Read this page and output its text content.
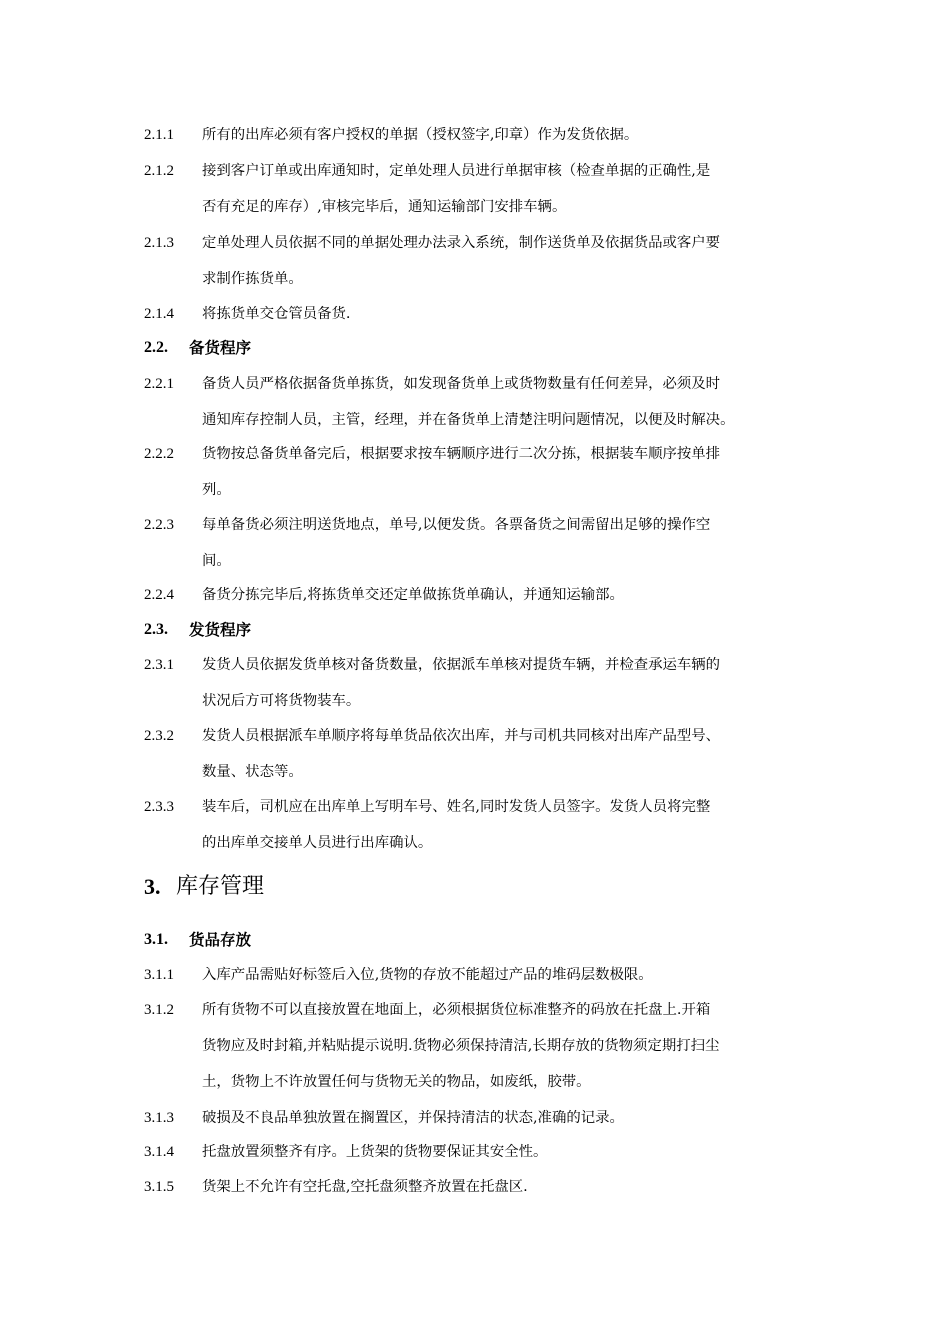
2.1.1 所有的出库必须有客户授权的单据（授权签字,印章）作为发货依据。
2.1.2 接到客户订单或出库通知时，定单处理人员进行单据审核（检查单据的正确性,是
否有充足的库存）,审核完毕后，通知运输部门安排车辆。
2.1.3 定单处理人员依据不同的单据处理办法录入系统，制作送货单及依据货品或客户要
求制作拣货单。
2.1.4 将拣货单交仓管员备货.
2.2. 备货程序
2.2.1 备货人员严格依据备货单拣货，如发现备货单上或货物数量有任何差异，必须及时
通知库存控制人员，主管，经理，并在备货单上清楚注明问题情况，以便及时解决。
2.2.2 货物按总备货单备完后，根据要求按车辆顺序进行二次分拣，根据装车顺序按单排
列。
2.2.3 每单备货必须注明送货地点，单号,以便发货。各票备货之间需留出足够的操作空
间。
2.2.4 备货分拣完毕后,将拣货单交还定单做拣货单确认，并通知运输部。
2.3. 发货程序
2.3.1 发货人员依据发货单核对备货数量，依据派车单核对提货车辆，并检查承运车辆的
状况后方可将货物装车。
2.3.2 发货人员根据派车单顺序将每单货品依次出库，并与司机共同核对出库产品型号、
数量、状态等。
2.3.3 装车后，司机应在出库单上写明车号、姓名,同时发货人员签字。发货人员将完整
的出库单交接单人员进行出库确认。
3. 库存管理
3.1. 货品存放
3.1.1 入库产品需贴好标签后入位,货物的存放不能超过产品的堆码层数极限。
3.1.2 所有货物不可以直接放置在地面上，必须根据货位标准整齐的码放在托盘上.开箱
货物应及时封箱,并粘贴提示说明.货物必须保持清洁,长期存放的货物须定期打扫尘
土，货物上不许放置任何与货物无关的物品，如废纸，胶带。
3.1.3 破损及不良品单独放置在搁置区，并保持清洁的状态,准确的记录。
3.1.4 托盘放置须整齐有序。上货架的货物要保证其安全性。
3.1.5 货架上不允许有空托盘,空托盘须整齐放置在托盘区.
